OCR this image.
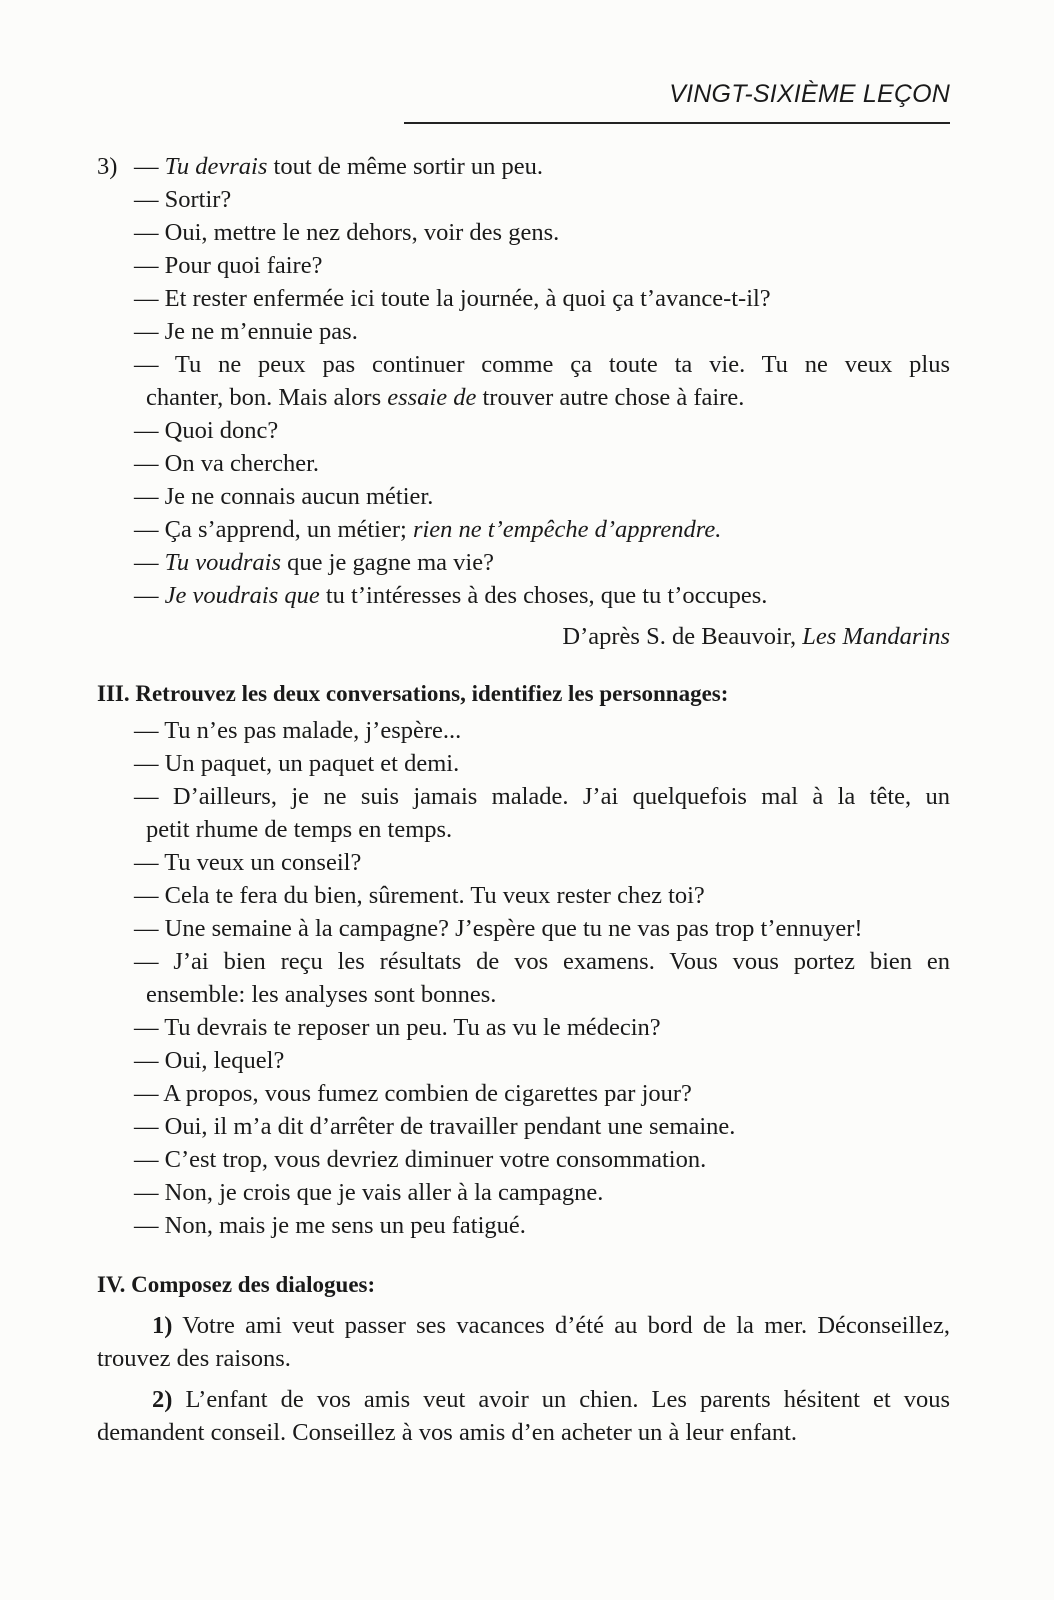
VINGT-SIXIÈME LEÇON
3) — Tu devrais tout de même sortir un peu.
— Sortir?
— Oui, mettre le nez dehors, voir des gens.
— Pour quoi faire?
— Et rester enfermée ici toute la journée, à quoi ça t’avance-t-il?
— Je ne m’ennuie pas.
— Tu ne peux pas continuer comme ça toute ta vie. Tu ne veux plus
chanter, bon. Mais alors essaie de trouver autre chose à faire.
— Quoi donc?
— On va chercher.
— Je ne connais aucun métier.
— Ça s’apprend, un métier; rien ne t’empêche d’apprendre.
— Tu voudrais que je gagne ma vie?
— Je voudrais que tu t’intéresses à des choses, que tu t’occupes.
D’après S. de Beauvoir, Les Mandarins
III. Retrouvez les deux conversations, identifiez les personnages:
— Tu n’es pas malade, j’espère...
— Un paquet, un paquet et demi.
— D’ailleurs, je ne suis jamais malade. J’ai quelquefois mal à la tête, un
petit rhume de temps en temps.
— Tu veux un conseil?
— Cela te fera du bien, sûrement. Tu veux rester chez toi?
— Une semaine à la campagne? J’espère que tu ne vas pas trop t’ennuyer!
— J’ai bien reçu les résultats de vos examens. Vous vous portez bien en
ensemble: les analyses sont bonnes.
— Tu devrais te reposer un peu. Tu as vu le médecin?
— Oui, lequel?
— A propos, vous fumez combien de cigarettes par jour?
— Oui, il m’a dit d’arrêter de travailler pendant une semaine.
— C’est trop, vous devriez diminuer votre consommation.
— Non, je crois que je vais aller à la campagne.
— Non, mais je me sens un peu fatigué.
IV. Composez des dialogues:
1) Votre ami veut passer ses vacances d’été au bord de la mer. Déconseillez, trouvez des raisons.
2) L’enfant de vos amis veut avoir un chien. Les parents hésitent et vous demandent conseil. Conseillez à vos amis d’en acheter un à leur enfant.
